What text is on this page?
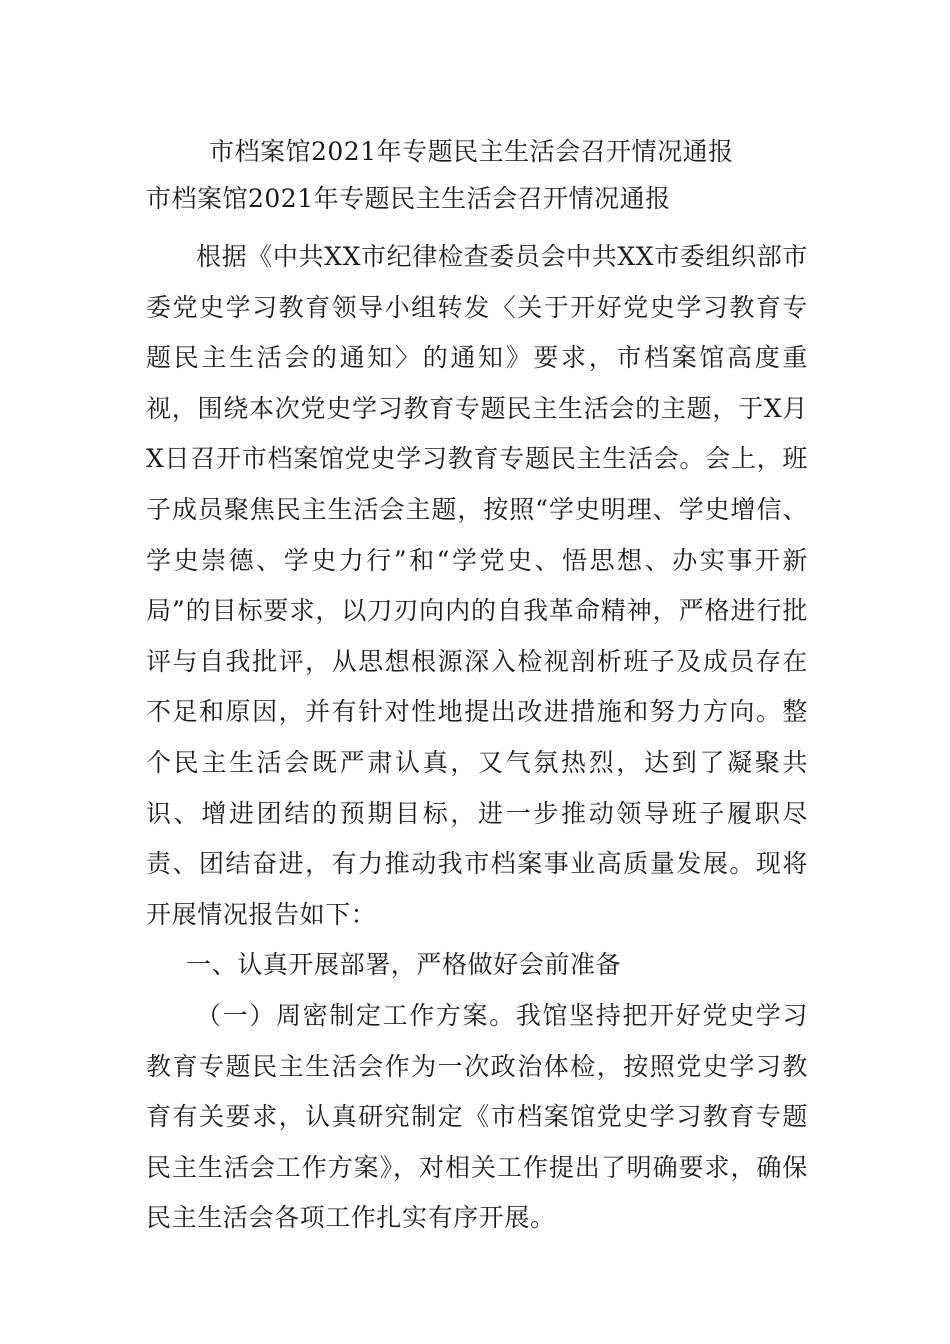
市档案馆2021年专题民主生活会召开情况通报
市档案馆2021年专题民主生活会召开情况通报

根据《中共XX市纪律检查委员会中共XX市委组织部市委党史学习教育领导小组转发〈关于开好党史学习教育专题民主生活会的通知〉的通知》要求，市档案馆高度重视，围绕本次党史学习教育专题民主生活会的主题，于X月X日召开市档案馆党史学习教育专题民主生活会。会上，班子成员聚焦民主生活会主题，按照“学史明理、学史增信、学史崇德、学史力行”和“学党史、悟思想、办实事开新局”的目标要求，以刀刃向内的自我革命精神，严格进行批评与自我批评，从思想根源深入检视剖析班子及成员存在不足和原因，并有针对性地提出改进措施和努力方向。整个民主生活会既严肃认真，又气氛热烈，达到了凝聚共识、增进团结的预期目标，进一步推动领导班子履职尽责、团结奋进，有力推动我市档案事业高质量发展。现将开展情况报告如下：

一、认真开展部署，严格做好会前准备

（一）周密制定工作方案。我馆坚持把开好党史学习教育专题民主生活会作为一次政治体检，按照党史学习教育有关要求，认真研究制定《市档案馆党史学习教育专题民主生活会工作方案》，对相关工作提出了明确要求，确保民主生活会各项工作扎实有序开展。
